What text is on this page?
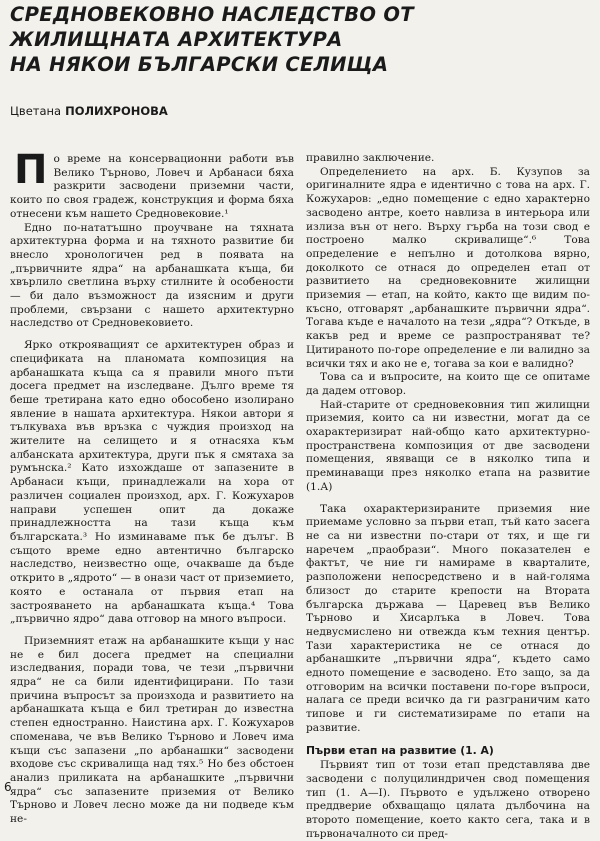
СРЕДНОВЕКОВНО НАСЛЕДСТВО ОТ
ЖИЛИЩНАТА АРХИТЕКТУРА
НА НЯКОИ БЪЛГАРСКИ СЕЛИЩА
Цветана ПОЛИХРОНОВА

По време на консервационни работи във Велико Търново, Ловеч и Арбанаси бяха разкрити засводени приземни части, които по своя градеж, конструкция и форма бяха отнесени към нашето Средновековие.¹

Едно по-нататъшно проучване на тяхната архитектурна форма и на тяхното развитие би внесло хронологичен ред в появата на „първичните ядра“ на арбанашката къща, би хвърлило светлина върху стилните ѝ особености — би дало възможност да изясним и други проблеми, свързани с нашето архитектурно наследство от Средновековието.

Ярко открояващият се архитектурен образ и спецификата на планомата композиция на арбанашката къща са я правили много пъти досега предмет на изследване. Дълго време тя беше третирана като едно обособено изолирано явление в нашата архитектура. Някои автори я тълкуваха във връзка с чуждия произход на жителите на селището и я отнасяха към албанската архитектура, други пък я смятаха за румънска.² Като изхождаше от запазените в Арбанаси къщи, принадлежали на хора от различен социален произход, арх. Г. Кожухаров направи успешен опит да докаже принадлежността на тази къща към българската.³ Но изминаваме пък бе дълъг. В същото време едно автентично българско наследство, неизвестно още, очакваше да бъде открито в „ядрото“ — в онази част от приземието, която е останала от първия етап на застрояването на арбанашката къща.⁴ Това „първично ядро“ дава отговор на много въпроси.

Приземният етаж на арбанашките къщи у нас не е бил досега предмет на специални изследвания, поради това, че тези „първични ядра“ не са били идентифицирани. По тази причина въпросът за произхода и развитието на арбанашката къща е бил третиран до известна степен едностранно. Наистина арх. Г. Кожухаров споменава, че във Велико Търново и Ловеч има къщи със запазени „по арбанашки“ засводени входове със скривалища над тях.⁵ Но без обстоен анализ приликата на арбанашките „първични ядра“ със запазените приземия от Велико Търново и Ловеч лесно може да ни подведе към не-

правилно заключение.

Определението на арх. Б. Кузупов за оригиналните ядра е идентично с това на арх. Г. Кожухаров: „едно помещение с едно характерно засводено антре, което навлиза в интерьора или излиза вън от него. Върху гърба на този свод е построено малко скривалище“.⁶ Това определение е непълно и дотолкова вярно, доколкото се отнася до определен етап от развитието на средновековните жилищни приземия — етап, на който, както ще видим по-късно, отговарят „арбанашките първични ядра“. Тогава къде е началото на тези „ядра“? Откъде, в какъв ред и време се разпространяват те? Цитираното по-горе определение е ли валидно за всички тях и ако не е, тогава за кои е валидно?

Това са и въпросите, на които ще се опитаме да дадем отговор.

Най-старите от средновековния тип жилищни приземия, които са ни известни, могат да се охарактеризират най-общо като архитектурно-пространствена композиция от две засводени помещения, явяващи се в няколко типа и преминаващи през няколко етапа на развитие (1.А)

Така охарактеризираните приземия ние приемаме условно за първи етап, тъй като засега не са ни известни по-стари от тях, и ще ги наречем „праобрази“. Много показателен е фактът, че ние ги намираме в кварталите, разположени непосредствено и в най-голяма близост до старите крепости на Втората българска държава — Царевец във Велико Търново и Хисарлъка в Ловеч. Това недвусмислено ни отвежда към техния център. Тази характеристика не се отнася до арбанашките „първични ядра“, където само едното помещение е засводено. Ето защо, за да отговорим на всички поставени по-горе въпроси, налага се преди всичко да ги разграничим като типове и ги систематизираме по етапи на развитие.

Първи етап на развитие (1. А)

Първият тип от този етап представлява две засводени с полуцилиндричен свод помещения тип (1. А—I). Първото е удължено отворено преддверие обхващащо цялата дълбочина на второто помещение, което както сега, така и в първоначалното си пред-

6
